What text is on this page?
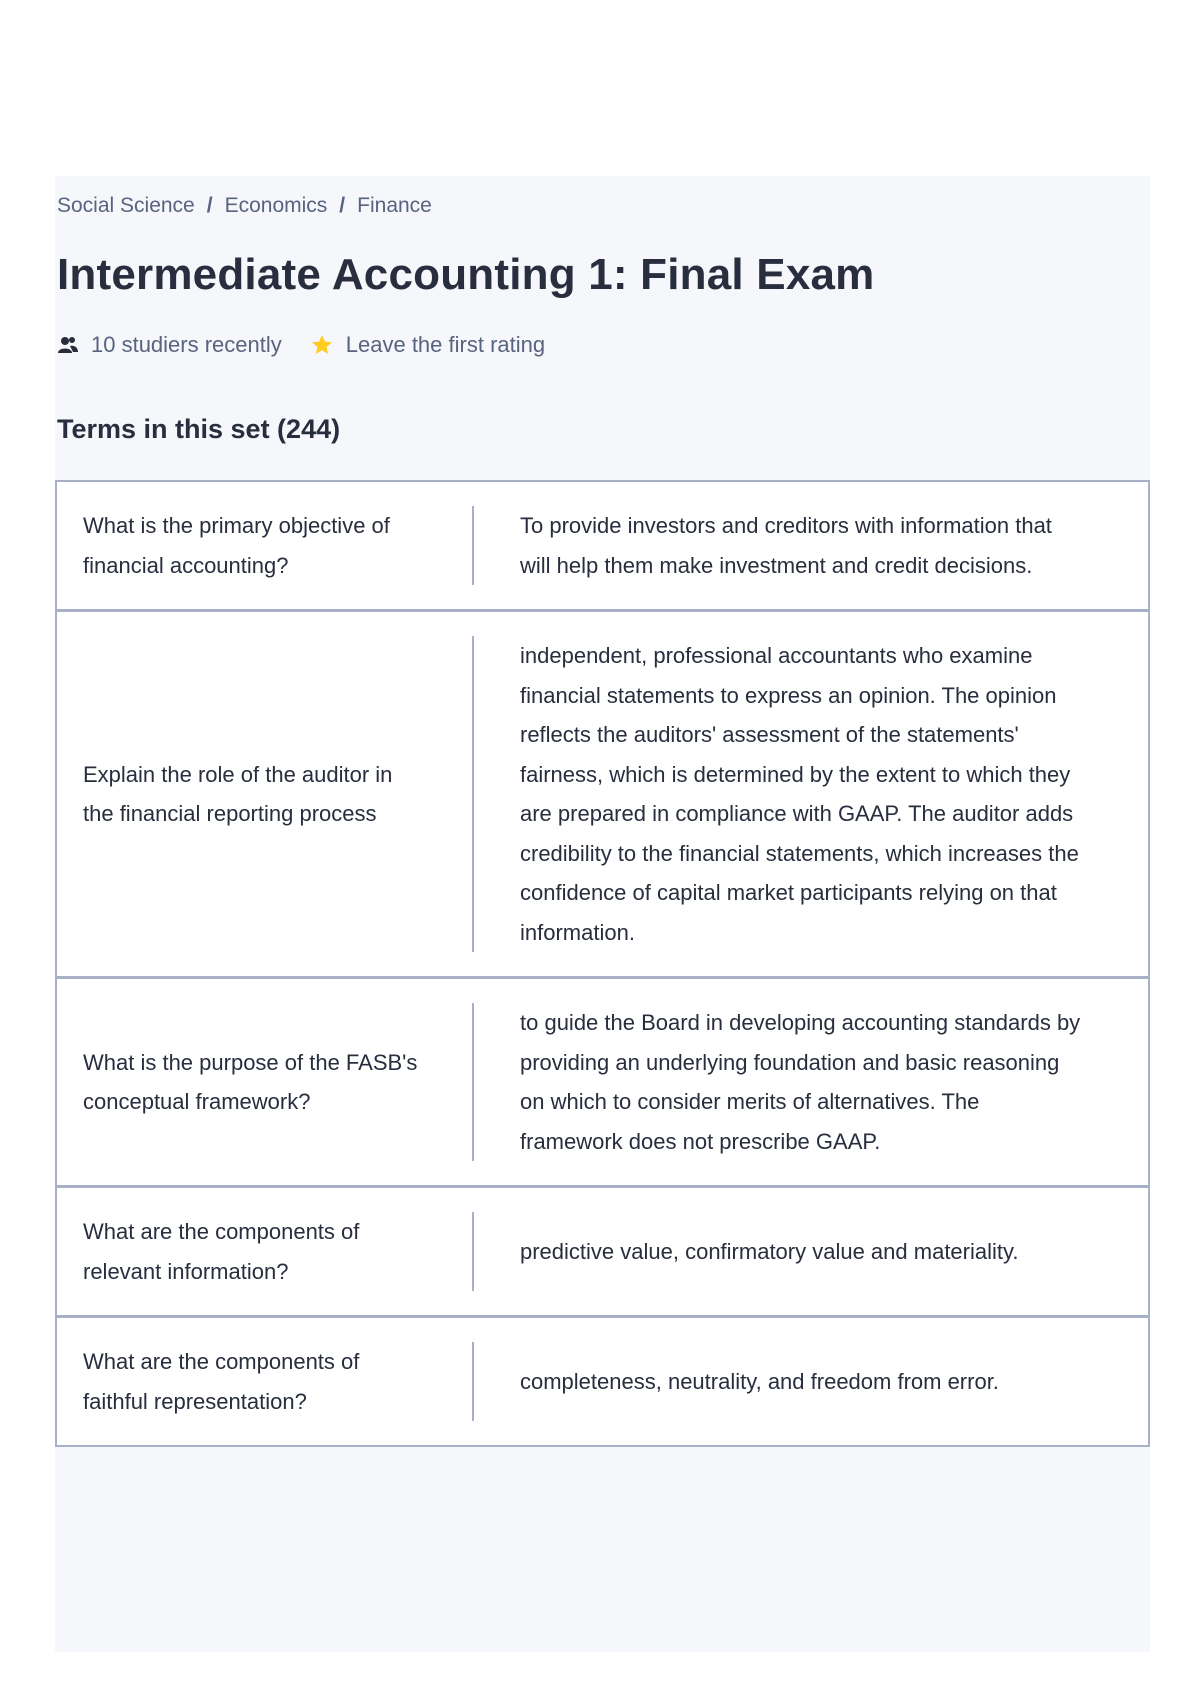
Social Science / Economics / Finance
Intermediate Accounting 1: Final Exam
10 studiers recently	Leave the first rating
Terms in this set (244)
What is the primary objective of financial accounting?
To provide investors and creditors with information that will help them make investment and credit decisions.
Explain the role of the auditor in the financial reporting process
independent, professional accountants who examine financial statements to express an opinion. The opinion reflects the auditors' assessment of the statements' fairness, which is determined by the extent to which they are prepared in compliance with GAAP. The auditor adds credibility to the financial statements, which increases the confidence of capital market participants relying on that information.
What is the purpose of the FASB's conceptual framework?
to guide the Board in developing accounting standards by providing an underlying foundation and basic reasoning on which to consider merits of alternatives. The framework does not prescribe GAAP.
What are the components of relevant information?
predictive value, confirmatory value and materiality.
What are the components of faithful representation?
completeness, neutrality, and freedom from error.
